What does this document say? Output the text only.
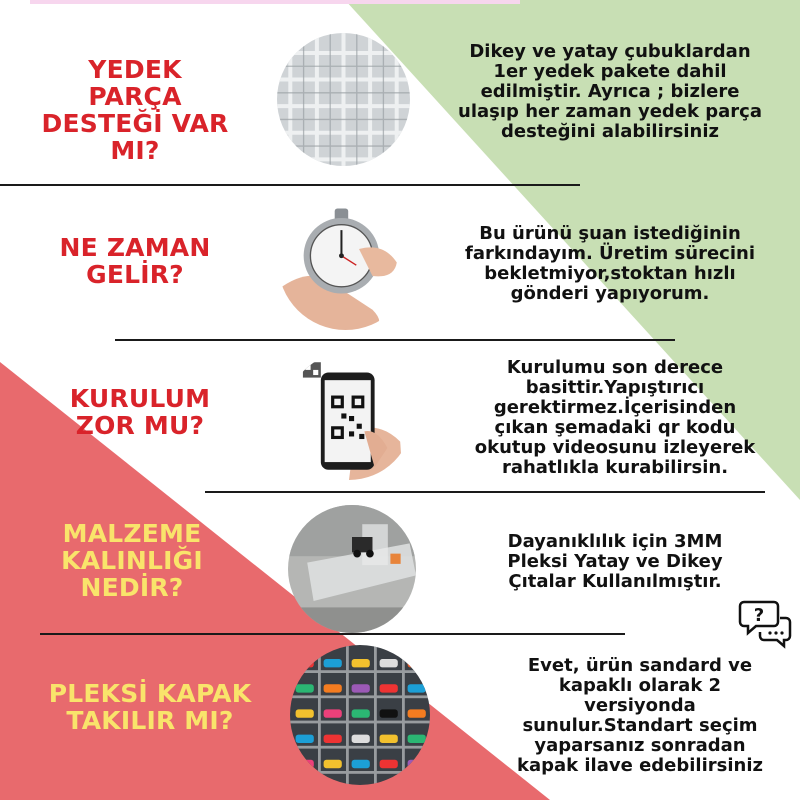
YEDEK
PARÇA
DESTEĞİ VAR
MI?
Dikey ve yatay çubuklardan
1er yedek pakete dahil
edilmiştir. Ayrıca ; bizlere
ulaşıp her zaman yedek parça
desteğini alabilirsiniz
NE ZAMAN
GELİR?
Bu ürünü şuan istediğinin
farkındayım. Üretim sürecini
bekletmiyor,stoktan hızlı
gönderi yapıyorum.
KURULUM
ZOR MU?
Kurulumu son derece
basittir.Yapıştırıcı
gerektirmez.İçerisinden
çıkan şemadaki qr kodu
okutup videosunu izleyerek
rahatlıkla kurabilirsin.
MALZEME
KALINLIĞI
NEDİR?
Dayanıklılık için 3MM
Pleksi Yatay ve Dikey
Çıtalar Kullanılmıştır.
?
PLEKSİ KAPAK
TAKILIR MI?
Evet, ürün sandard ve
kapaklı olarak 2
versiyonda
sunulur.Standart seçim
yaparsanız sonradan
kapak ilave edebilirsiniz
